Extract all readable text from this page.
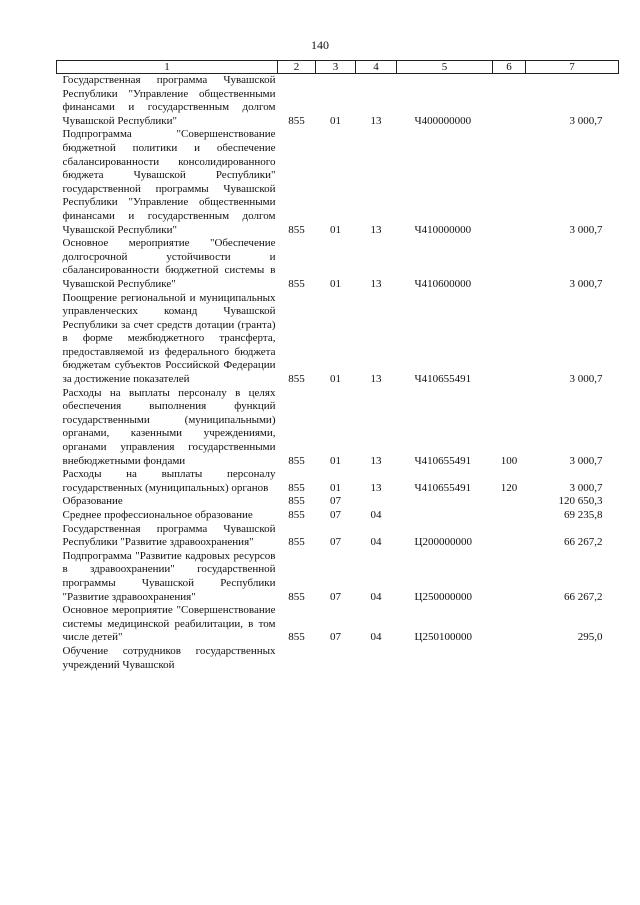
140
1	2	3	4	5	6	7
Государственная программа Чувашской Республики "Управление общественными финансами и государственным долгом Чувашской Республики"	855	01	13	Ч400000000		3 000,7
Подпрограмма "Совершенствование бюджетной политики и обеспечение сбалансированности консолидированного бюджета Чувашской Республики" государственной программы Чувашской Республики "Управление общественными финансами и государственным долгом Чувашской Республики"	855	01	13	Ч410000000		3 000,7
Основное мероприятие "Обеспечение долгосрочной устойчивости и сбалансированности бюджетной системы в Чувашской Республике"	855	01	13	Ч410600000		3 000,7
Поощрение региональной и муниципальных управленческих команд Чувашской Республики за счет средств дотации (гранта) в форме межбюджетного трансферта, предоставляемой из федерального бюджета бюджетам субъектов Российской Федерации за достижение показателей	855	01	13	Ч410655491		3 000,7
Расходы на выплаты персоналу в целях обеспечения выполнения функций государственными (муниципальными) органами, казенными учреждениями, органами управления государственными внебюджетными фондами	855	01	13	Ч410655491	100	3 000,7
Расходы на выплаты персоналу государственных (муниципальных) органов	855	01	13	Ч410655491	120	3 000,7
Образование	855	07				120 650,3
Среднее профессиональное образование	855	07	04			69 235,8
Государственная программа Чувашской Республики "Развитие здравоохранения"	855	07	04	Ц200000000		66 267,2
Подпрограмма "Развитие кадровых ресурсов в здравоохранении" государственной программы Чувашской Республики "Развитие здравоохранения"	855	07	04	Ц250000000		66 267,2
Основное мероприятие "Совершенствование системы медицинской реабилитации, в том числе детей"	855	07	04	Ц250100000		295,0
Обучение сотрудников государственных учреждений Чувашской						
